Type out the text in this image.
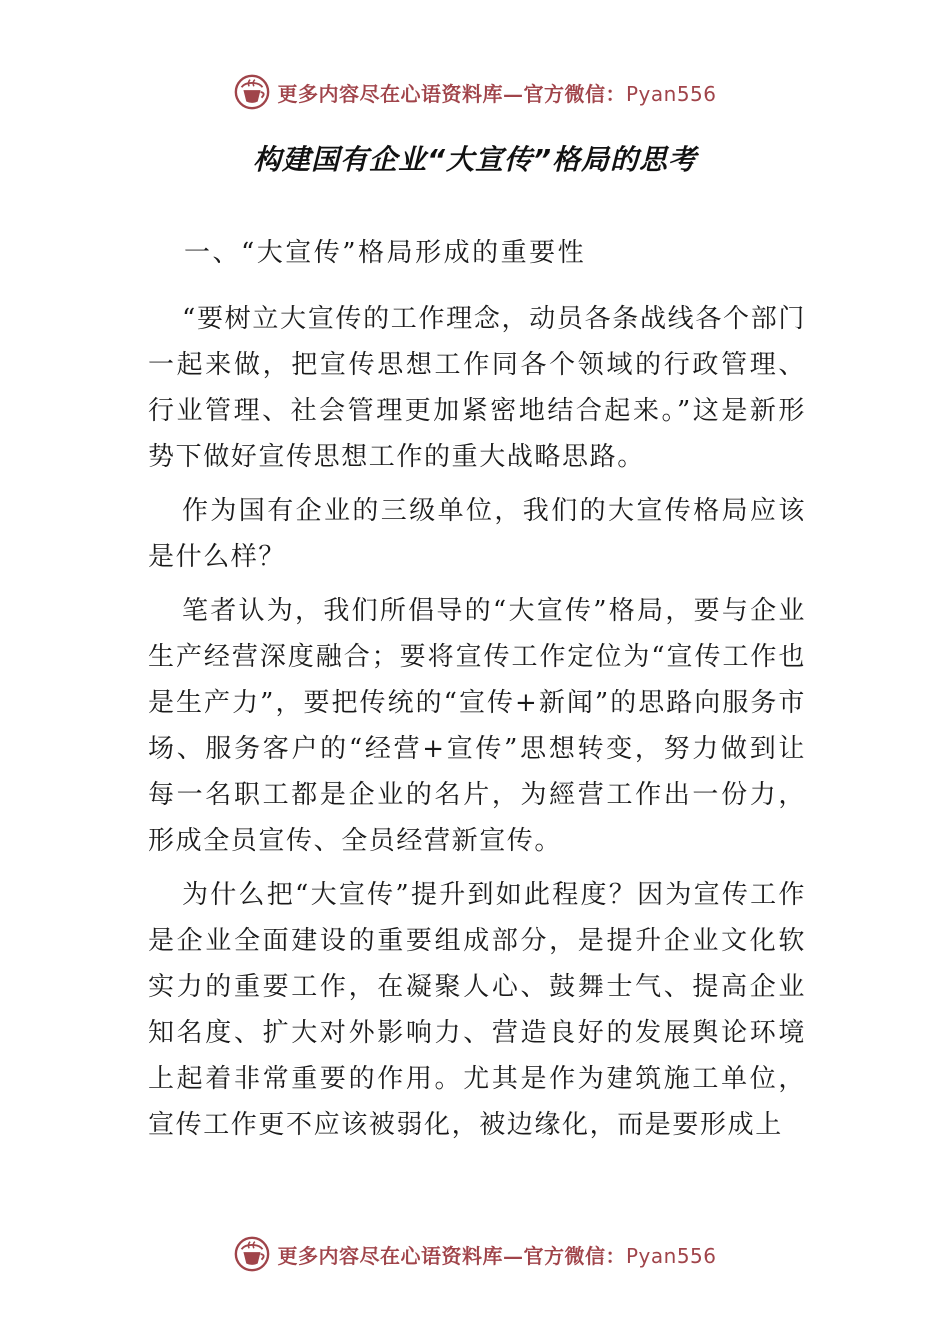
更多内容尽在心语资料库—官方微信：Pyan556
构建国有企业“大宣传”格局的思考

一、“大宣传”格局形成的重要性

“要树立大宣传的工作理念，动员各条战线各个部门一起来做，把宣传思想工作同各个领域的行政管理、行业管理、社会管理更加紧密地结合起来。”这是新形势下做好宣传思想工作的重大战略思路。

作为国有企业的三级单位，我们的大宣传格局应该是什么样？

笔者认为，我们所倡导的“大宣传”格局，要与企业生产经营深度融合；要将宣传工作定位为“宣传工作也是生产力”，要把传统的“宣传+新闻”的思路向服务市场、服务客户的“经营+宣传”思想转变，努力做到让每一名职工都是企业的名片，为經营工作出一份力，形成全员宣传、全员经营新宣传。

为什么把“大宣传”提升到如此程度？因为宣传工作是企业全面建设的重要组成部分，是提升企业文化软实力的重要工作，在凝聚人心、鼓舞士气、提高企业知名度、扩大对外影响力、营造良好的发展舆论环境上起着非常重要的作用。尤其是作为建筑施工单位，宣传工作更不应该被弱化，被边缘化，而是要形成上

更多内容尽在心语资料库—官方微信：Pyan556
